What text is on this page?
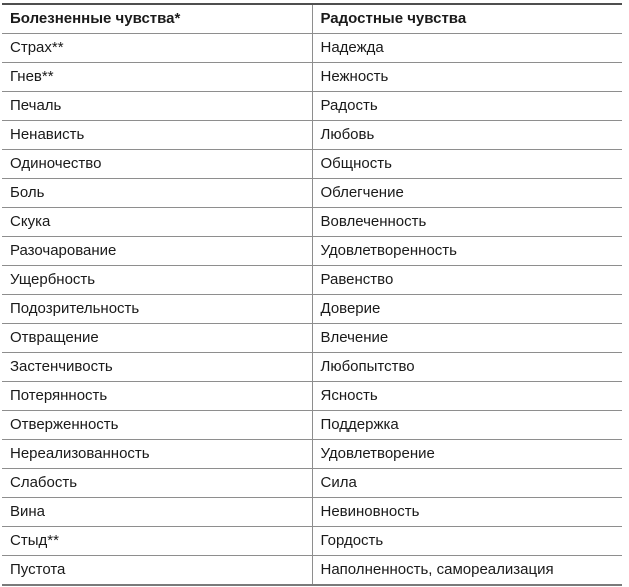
Болезненные чувства*	Радостные чувства
Страх**	Надежда
Гнев**	Нежность
Печаль	Радость
Ненависть	Любовь
Одиночество	Общность
Боль	Облегчение
Скука	Вовлеченность
Разочарование	Удовлетворенность
Ущербность	Равенство
Подозрительность	Доверие
Отвращение	Влечение
Застенчивость	Любопытство
Потерянность	Ясность
Отверженность	Поддержка
Нереализованность	Удовлетворение
Слабость	Сила
Вина	Невиновность
Стыд**	Гордость
Пустота	Наполненность, самореализация
